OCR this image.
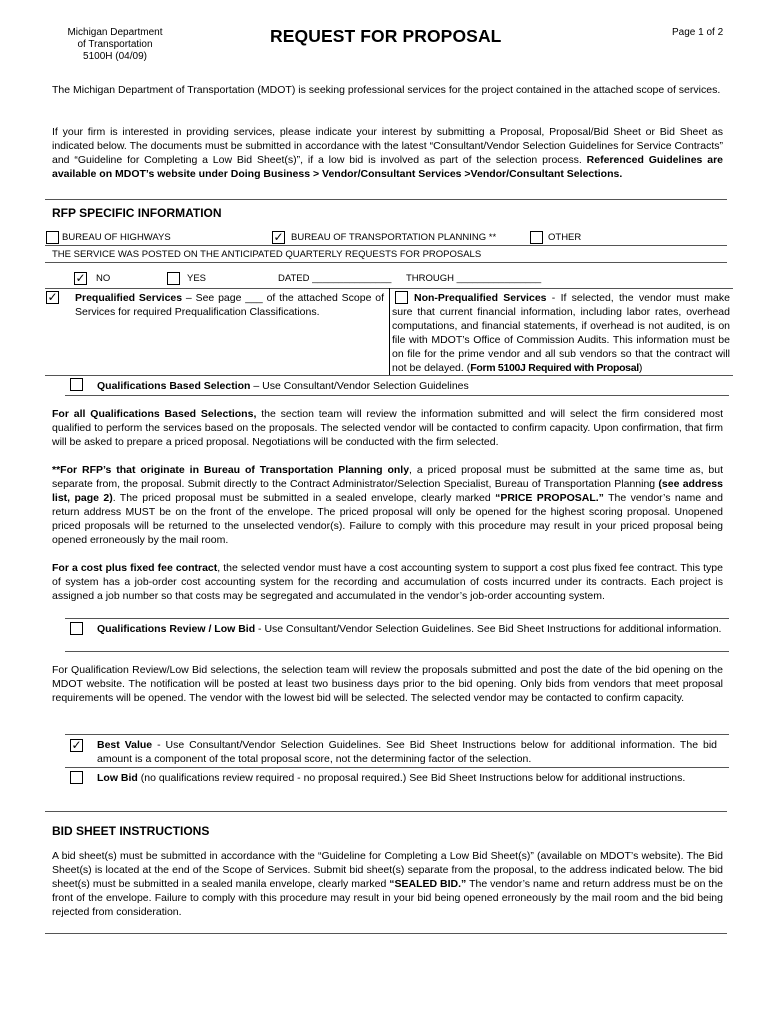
Michigan Department
of Transportation
5100H (04/09)
REQUEST FOR PROPOSAL	Page 1 of 2
The Michigan Department of Transportation (MDOT) is seeking professional services for the project contained in the attached scope of services.
If your firm is interested in providing services, please indicate your interest by submitting a Proposal, Proposal/Bid Sheet or Bid Sheet as indicated below. The documents must be submitted in accordance with the latest “Consultant/Vendor Selection Guidelines for Service Contracts” and “Guideline for Completing a Low Bid Sheet(s)”, if a low bid is involved as part of the selection process. Referenced Guidelines are available on MDOT’s website under Doing Business > Vendor/Consultant Services >Vendor/Consultant Selections.
RFP SPECIFIC INFORMATION
BUREAU OF HIGHWAYS	✓ BUREAU OF TRANSPORTATION PLANNING **	OTHER
THE SERVICE WAS POSTED ON THE ANTICIPATED QUARTERLY REQUESTS FOR PROPOSALS
✓ NO	YES	DATED _______________ THROUGH ________________
✓ Prequalified Services – See page ___ of the attached Scope of Services for required Prequalification Classifications.
Non-Prequalified Services - If selected, the vendor must make sure that current financial information, including labor rates, overhead computations, and financial statements, if overhead is not audited, is on file with MDOT’s Office of Commission Audits. This information must be on file for the prime vendor and all sub vendors so that the contract will not be delayed. (Form 5100J Required with Proposal)
Qualifications Based Selection – Use Consultant/Vendor Selection Guidelines
For all Qualifications Based Selections, the section team will review the information submitted and will select the firm considered most qualified to perform the services based on the proposals. The selected vendor will be contacted to confirm capacity. Upon confirmation, that firm will be asked to prepare a priced proposal. Negotiations will be conducted with the firm selected.
**For RFP’s that originate in Bureau of Transportation Planning only, a priced proposal must be submitted at the same time as, but separate from, the proposal. Submit directly to the Contract Administrator/Selection Specialist, Bureau of Transportation Planning (see address list, page 2). The priced proposal must be submitted in a sealed envelope, clearly marked “PRICE PROPOSAL.” The vendor’s name and return address MUST be on the front of the envelope. The priced proposal will only be opened for the highest scoring proposal. Unopened priced proposals will be returned to the unselected vendor(s). Failure to comply with this procedure may result in your priced proposal being opened erroneously by the mail room.
For a cost plus fixed fee contract, the selected vendor must have a cost accounting system to support a cost plus fixed fee contract. This type of system has a job-order cost accounting system for the recording and accumulation of costs incurred under its contracts. Each project is assigned a job number so that costs may be segregated and accumulated in the vendor’s job-order accounting system.
Qualifications Review / Low Bid - Use Consultant/Vendor Selection Guidelines. See Bid Sheet Instructions for additional information.
For Qualification Review/Low Bid selections, the selection team will review the proposals submitted and post the date of the bid opening on the MDOT website. The notification will be posted at least two business days prior to the bid opening. Only bids from vendors that meet proposal requirements will be opened. The vendor with the lowest bid will be selected. The selected vendor may be contacted to confirm capacity.
✓ Best Value - Use Consultant/Vendor Selection Guidelines. See Bid Sheet Instructions below for additional information. The bid amount is a component of the total proposal score, not the determining factor of the selection.
Low Bid (no qualifications review required - no proposal required.) See Bid Sheet Instructions below for additional instructions.
BID SHEET INSTRUCTIONS
A bid sheet(s) must be submitted in accordance with the “Guideline for Completing a Low Bid Sheet(s)” (available on MDOT’s website). The Bid Sheet(s) is located at the end of the Scope of Services. Submit bid sheet(s) separate from the proposal, to the address indicated below. The bid sheet(s) must be submitted in a sealed manila envelope, clearly marked “SEALED BID.” The vendor’s name and return address must be on the front of the envelope. Failure to comply with this procedure may result in your bid being opened erroneously by the mail room and the bid being rejected from consideration.
